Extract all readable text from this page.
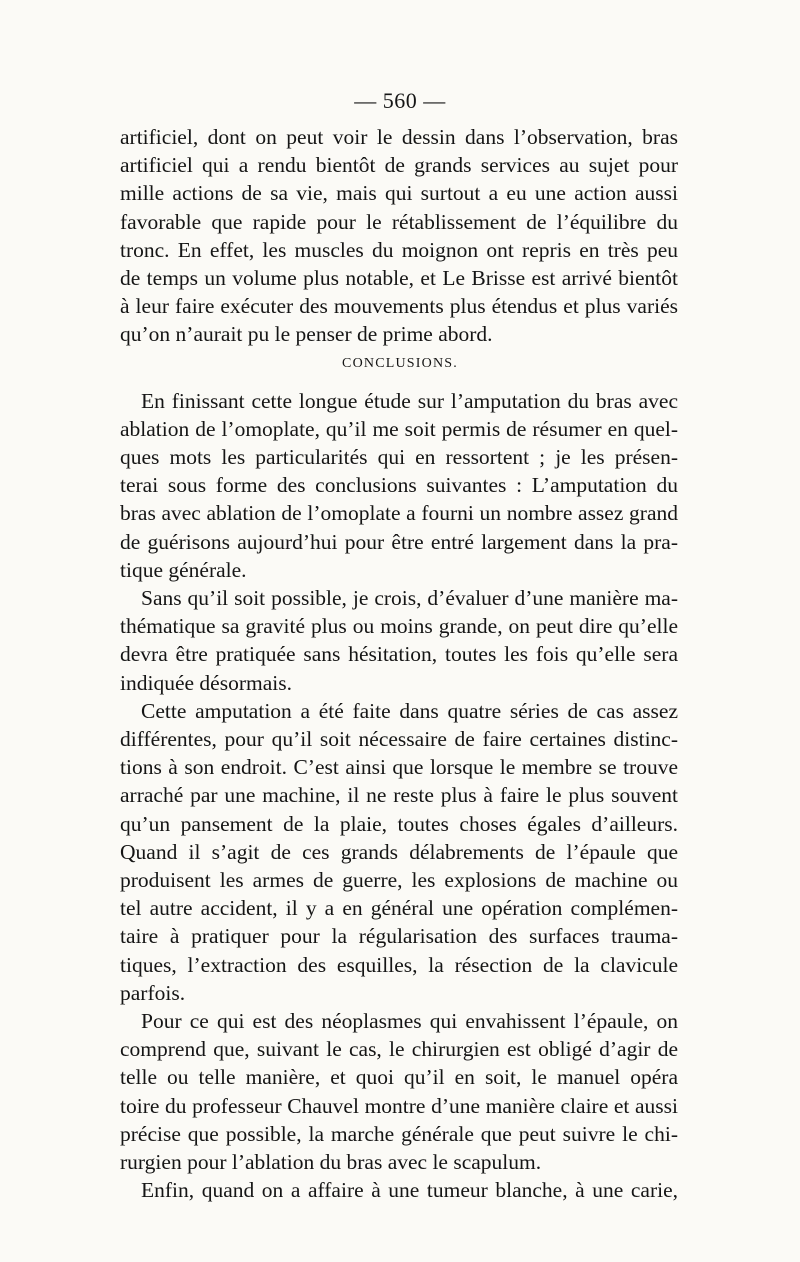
— 560 —
artificiel, dont on peut voir le dessin dans l’observation, bras
artificiel qui a rendu bientôt de grands services au sujet pour
mille actions de sa vie, mais qui surtout a eu une action aussi
favorable que rapide pour le rétablissement de l’équilibre du
tronc. En effet, les muscles du moignon ont repris en très peu
de temps un volume plus notable, et Le Brisse est arrivé bientôt
à leur faire exécuter des mouvements plus étendus et plus variés
qu’on n’aurait pu le penser de prime abord.
CONCLUSIONS.
En finissant cette longue étude sur l’amputation du bras avec
ablation de l’omoplate, qu’il me soit permis de résumer en quel-
ques mots les particularités qui en ressortent ; je les présen-
terai sous forme des conclusions suivantes : L’amputation du
bras avec ablation de l’omoplate a fourni un nombre assez grand
de guérisons aujourd’hui pour être entré largement dans la pra-
tique générale.
Sans qu’il soit possible, je crois, d’évaluer d’une manière ma-
thématique sa gravité plus ou moins grande, on peut dire qu’elle
devra être pratiquée sans hésitation, toutes les fois qu’elle sera
indiquée désormais.
Cette amputation a été faite dans quatre séries de cas assez
différentes, pour qu’il soit nécessaire de faire certaines distinc-
tions à son endroit. C’est ainsi que lorsque le membre se trouve
arraché par une machine, il ne reste plus à faire le plus souvent
qu’un pansement de la plaie, toutes choses égales d’ailleurs.
Quand il s’agit de ces grands délabrements de l’épaule que
produisent les armes de guerre, les explosions de machine ou
tel autre accident, il y a en général une opération complémen-
taire à pratiquer pour la régularisation des surfaces trauma-
tiques, l’extraction des esquilles, la résection de la clavicule
parfois.
Pour ce qui est des néoplasmes qui envahissent l’épaule, on
comprend que, suivant le cas, le chirurgien est obligé d’agir de
telle ou telle manière, et quoi qu’il en soit, le manuel opéra
toire du professeur Chauvel montre d’une manière claire et aussi
précise que possible, la marche générale que peut suivre le chi-
rurgien pour l’ablation du bras avec le scapulum.
Enfin, quand on a affaire à une tumeur blanche, à une carie,
